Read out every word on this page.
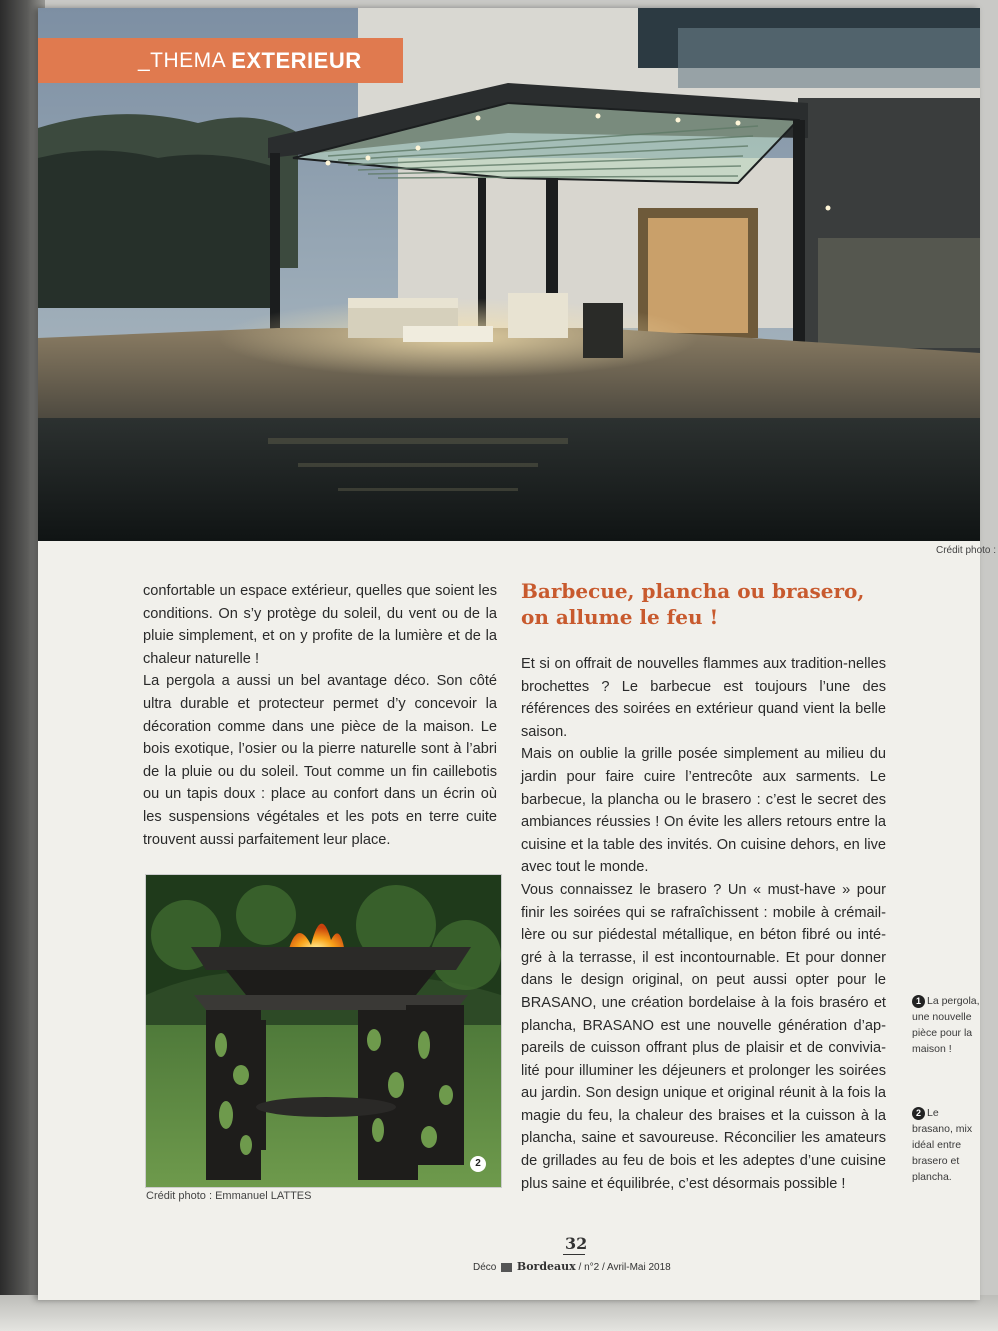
_THEMA EXTERIEUR
Crédit photo :

confortable un espace extérieur, quelles que soient les conditions. On s’y protège du soleil, du vent ou de la pluie simplement, et on y profite de la lumière et de la chaleur naturelle !

La pergola a aussi un bel avantage déco. Son côté ultra durable et protecteur permet d’y concevoir la décoration comme dans une pièce de la maison. Le bois exotique, l’osier ou la pierre naturelle sont à l’abri de la pluie ou du soleil. Tout comme un fin caillebotis ou un tapis doux : place au confort dans un écrin où les suspensions végétales et les pots en terre cuite trouvent aussi parfaitement leur place.

2
Crédit photo : Emmanuel LATTES
Barbecue, plancha ou brasero, on allume le feu !

Et si on offrait de nouvelles flammes aux tradition-nelles brochettes ? Le barbecue est toujours l’une des références des soirées en extérieur quand vient la belle saison.

Mais on oublie la grille posée simplement au milieu du jardin pour faire cuire l’entrecôte aux sarments. Le barbecue, la plancha ou le brasero : c’est le secret des ambiances réussies ! On évite les allers retours entre la cuisine et la table des invités. On cuisine dehors, en live avec tout le monde.

Vous connaissez le brasero ? Un « must-have » pour finir les soirées qui se rafraîchissent : mobile à crémail-lère ou sur piédestal métallique, en béton fibré ou inté-gré à la terrasse, il est incontournable. Et pour donner dans le design original, on peut aussi opter pour le BRASANO, une création bordelaise à la fois braséro et plancha, BRASANO est une nouvelle génération d’ap-pareils de cuisson offrant plus de plaisir et de convivia-lité pour illuminer les déjeuners et prolonger les soirées au jardin. Son design unique et original réunit à la fois la magie du feu, la chaleur des braises et la cuisson à la plancha, saine et savoureuse. Réconcilier les amateurs de grillades au feu de bois et les adeptes d’une cuisine plus saine et équilibrée, c’est désormais possible !

1 La pergola, une nouvelle pièce pour la maison !
2 Le brasano, mix idéal entre brasero et plancha.
32
Déco Bordeaux / n°2 / Avril-Mai 2018
